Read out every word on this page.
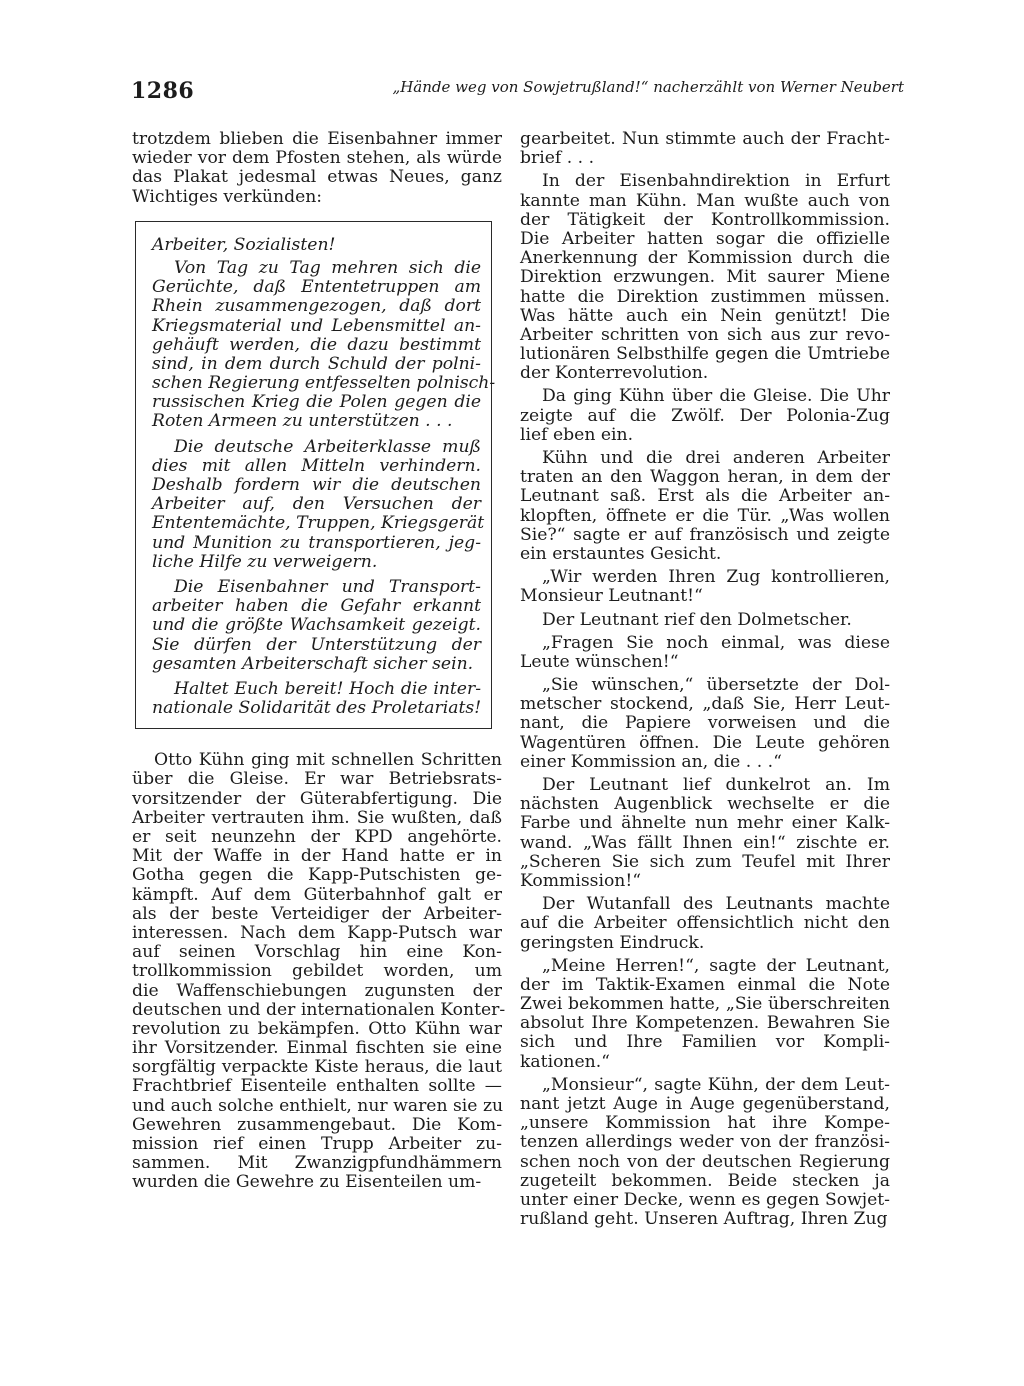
1286	„Hände weg von Sowjetrußland!“ nacherzählt von Werner Neubert
trotzdem blieben die Eisenbahner immer
wieder vor dem Pfosten stehen, als würde
das Plakat jedesmal etwas Neues, ganz
Wichtiges verkünden:
Arbeiter, Sozialisten!
Von Tag zu Tag mehren sich die
Gerüchte, daß Ententetruppen am
Rhein zusammengezogen, daß dort
Kriegsmaterial und Lebensmittel an-
gehäuft werden, die dazu bestimmt
sind, in dem durch Schuld der polni-
schen Regierung entfesselten polnisch-
russischen Krieg die Polen gegen die
Roten Armeen zu unterstützen . . .
Die deutsche Arbeiterklasse muß
dies mit allen Mitteln verhindern.
Deshalb fordern wir die deutschen
Arbeiter auf, den Versuchen der
Ententemächte, Truppen, Kriegsgerät
und Munition zu transportieren, jeg-
liche Hilfe zu verweigern.
Die Eisenbahner und Transport-
arbeiter haben die Gefahr erkannt
und die größte Wachsamkeit gezeigt.
Sie dürfen der Unterstützung der
gesamten Arbeiterschaft sicher sein.
Haltet Euch bereit! Hoch die inter-
nationale Solidarität des Proletariats!
Otto Kühn ging mit schnellen Schritten
über die Gleise. Er war Betriebsrats-
vorsitzender der Güterabfertigung. Die
Arbeiter vertrauten ihm. Sie wußten, daß
er seit neunzehn der KPD angehörte.
Mit der Waffe in der Hand hatte er in
Gotha gegen die Kapp-Putschisten ge-
kämpft. Auf dem Güterbahnhof galt er
als der beste Verteidiger der Arbeiter-
interessen. Nach dem Kapp-Putsch war
auf seinen Vorschlag hin eine Kon-
trollkommission gebildet worden, um
die Waffenschiebungen zugunsten der
deutschen und der internationalen Konter-
revolution zu bekämpfen. Otto Kühn war
ihr Vorsitzender. Einmal fischten sie eine
sorgfältig verpackte Kiste heraus, die laut
Frachtbrief Eisenteile enthalten sollte —
und auch solche enthielt, nur waren sie zu
Gewehren zusammengebaut. Die Kom-
mission rief einen Trupp Arbeiter zu-
sammen. Mit Zwanzigpfundhämmern
wurden die Gewehre zu Eisenteilen um-
gearbeitet. Nun stimmte auch der Fracht-
brief . . .
In der Eisenbahndirektion in Erfurt
kannte man Kühn. Man wußte auch von
der Tätigkeit der Kontrollkommission.
Die Arbeiter hatten sogar die offizielle
Anerkennung der Kommission durch die
Direktion erzwungen. Mit saurer Miene
hatte die Direktion zustimmen müssen.
Was hätte auch ein Nein genützt! Die
Arbeiter schritten von sich aus zur revo-
lutionären Selbsthilfe gegen die Umtriebe
der Konterrevolution.
Da ging Kühn über die Gleise. Die Uhr
zeigte auf die Zwölf. Der Polonia-Zug
lief eben ein.
Kühn und die drei anderen Arbeiter
traten an den Waggon heran, in dem der
Leutnant saß. Erst als die Arbeiter an-
klopften, öffnete er die Tür. „Was wollen
Sie?“ sagte er auf französisch und zeigte
ein erstauntes Gesicht.
„Wir werden Ihren Zug kontrollieren,
Monsieur Leutnant!“
Der Leutnant rief den Dolmetscher.
„Fragen Sie noch einmal, was diese
Leute wünschen!“
„Sie wünschen,“ übersetzte der Dol-
metscher stockend, „daß Sie, Herr Leut-
nant, die Papiere vorweisen und die
Wagentüren öffnen. Die Leute gehören
einer Kommission an, die . . .“
Der Leutnant lief dunkelrot an. Im
nächsten Augenblick wechselte er die
Farbe und ähnelte nun mehr einer Kalk-
wand. „Was fällt Ihnen ein!“ zischte er.
„Scheren Sie sich zum Teufel mit Ihrer
Kommission!“
Der Wutanfall des Leutnants machte
auf die Arbeiter offensichtlich nicht den
geringsten Eindruck.
„Meine Herren!“, sagte der Leutnant,
der im Taktik-Examen einmal die Note
Zwei bekommen hatte, „Sie überschreiten
absolut Ihre Kompetenzen. Bewahren Sie
sich und Ihre Familien vor Kompli-
kationen.“
„Monsieur“, sagte Kühn, der dem Leut-
nant jetzt Auge in Auge gegenüberstand,
„unsere Kommission hat ihre Kompe-
tenzen allerdings weder von der französi-
schen noch von der deutschen Regierung
zugeteilt bekommen. Beide stecken ja
unter einer Decke, wenn es gegen Sowjet-
rußland geht. Unseren Auftrag, Ihren Zug
